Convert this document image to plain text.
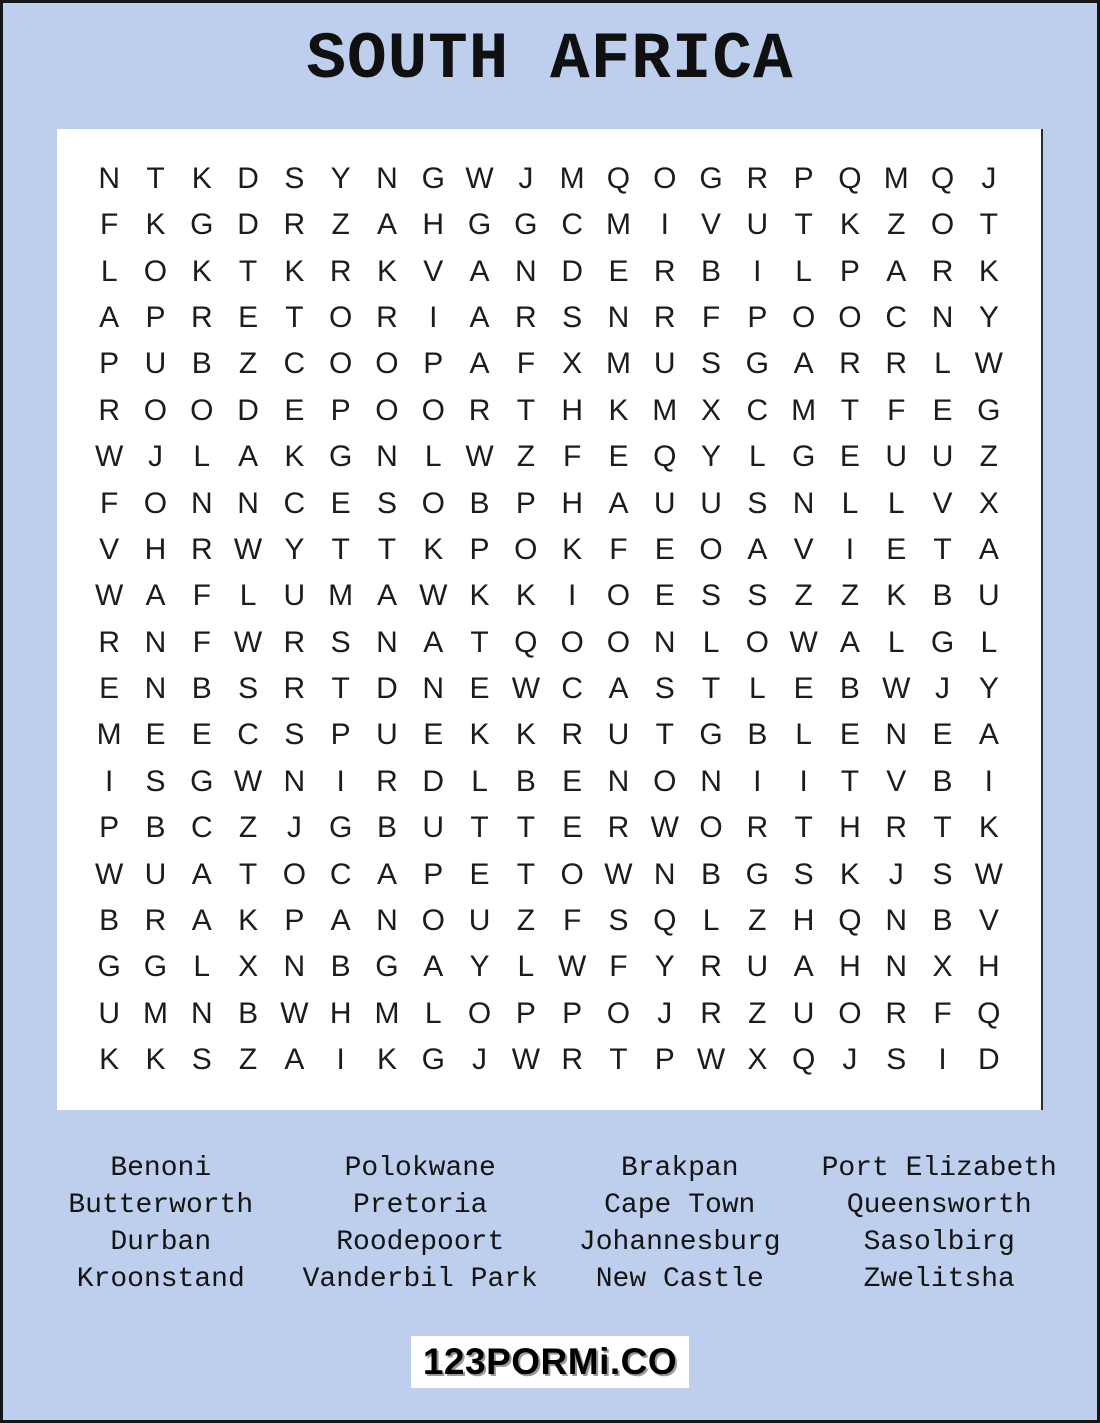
SOUTH AFRICA
N T K D S Y N G W J M Q O G R P Q M Q J
F K G D R Z A H G G C M I	V U T K Z O T
L O K T K R K V A N D E R B	I	L P A R K
A P R E T O R	I	A R S N R F P O O C N Y
P U B Z C O O P A F X M U S G A R R L W
R O O D E P O O R T H K M X C M T F E G
W J	L A K G N L W Z F E Q Y L G E U U Z
F O N N C E S O B P H A U U S N L L V X
V H R W Y T T K P O K F E O A V	I	E T A
W A F L U M A W K K	I	O E S S Z Z K B U
R N F W R S N A T Q O O N L O W A L G L
E N B S R T D N E W C A S T L E B W J Y
M E E C S P U E K K R U T G B L E N E A
I	S G W N	I	R D L B E N O N	I	I	T V B	I
P B C Z J G B U T T E R W O R T H R T K
W U A T O C A P E T O W N B G S K J S W
B R A K P A N O U Z F S Q L Z H Q N B V
G G L X N B G A Y L W F Y R U A H N X H
U M N B W H M L O P P O J R Z U O R F Q
K K S Z A	I	K G J W R T P W X Q J S	I	D
Benoni
Butterworth
Durban
Kroonstand
Polokwane
Pretoria
Roodepoort
Vanderbil Park
Brakpan
Cape Town
Johannesburg
New Castle
Port Elizabeth
Queensworth
Sasolbirg
Zwelitsha
123PORMi.CO
